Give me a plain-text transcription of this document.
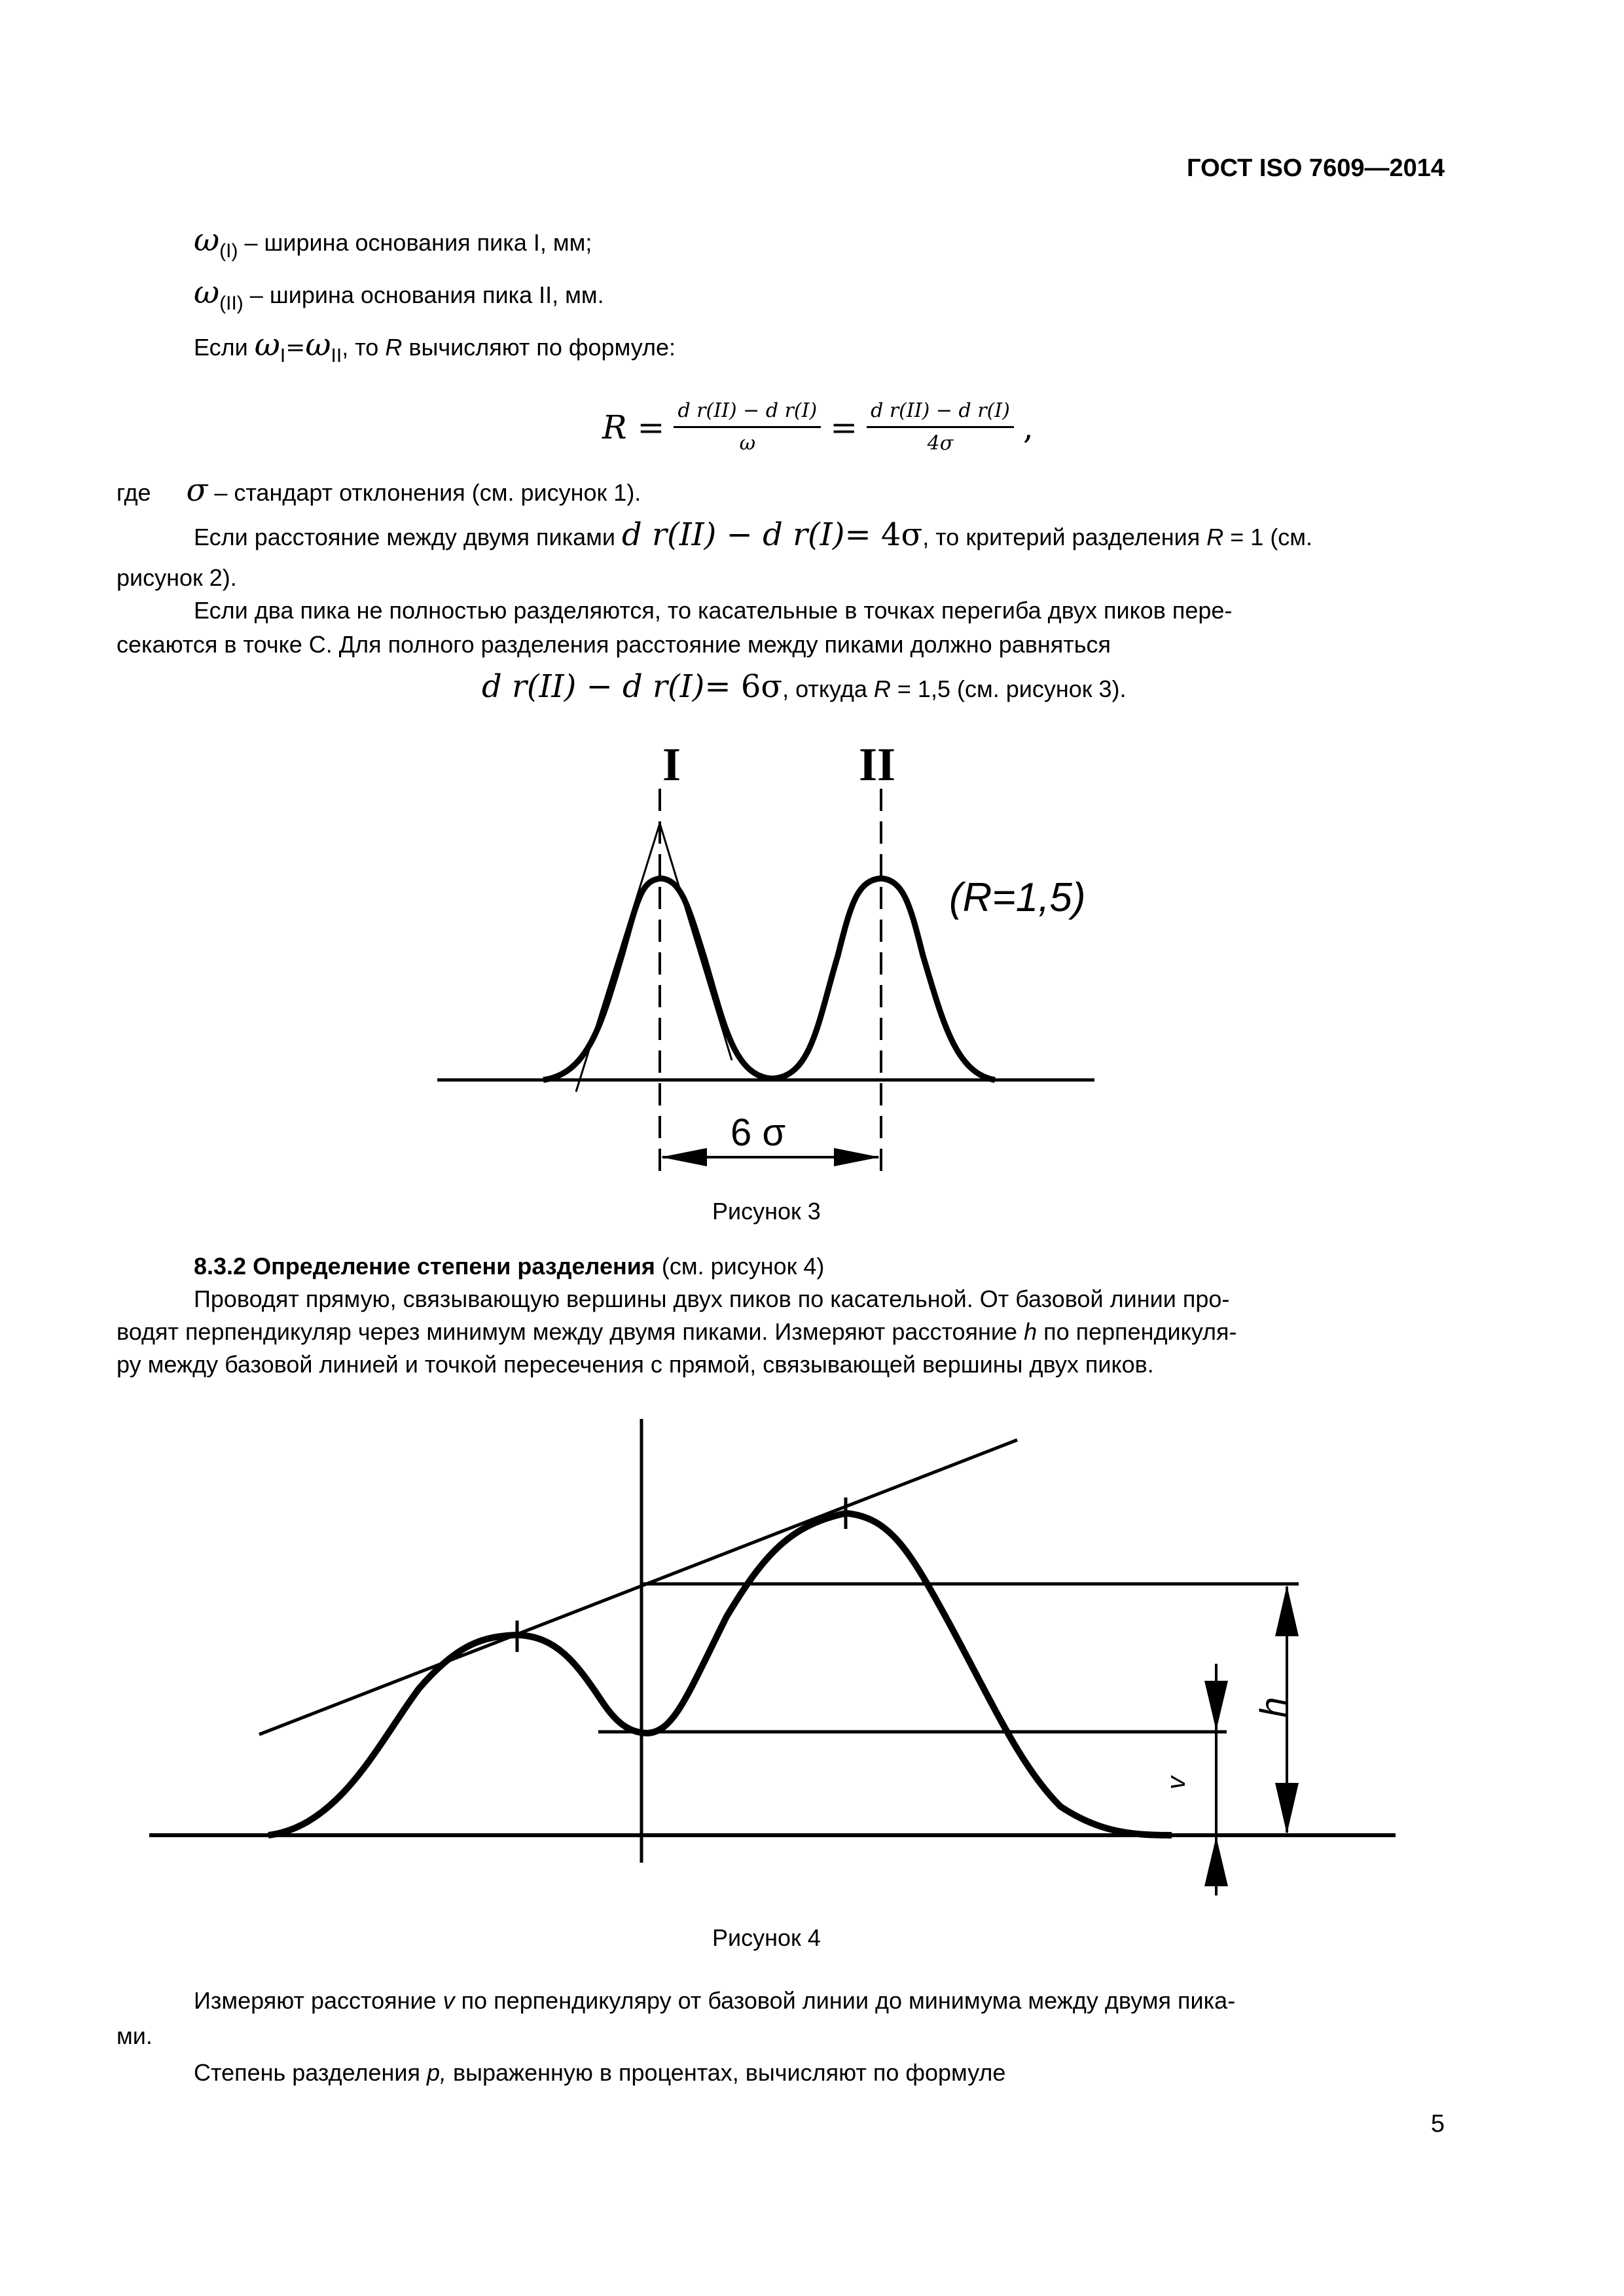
ГОСТ ISO 7609—2014
$\omega_{(I)}$ – ширина основания пика I, мм;
$\omega_{(II)}$ – ширина основания пика II, мм.
Если $\omega_I=\omega_{II}$, то R вычисляют по формуле:
$R = \frac{\text{d r(II) − d r(I)}}{\omega} = \frac{\text{d r(II) − d r(I)}}{4\sigma}$ ,
где σ – стандарт отклонения (см. рисунок 1).
Если расстояние между двумя пиками d r(II) − d r(I)= 4σ, то критерий разделения R = 1 (см.
рисунок 2).
Если два пика не полностью разделяются, то касательные в точках перегиба двух пиков пере-
секаются в точке С. Для полного разделения расстояние между пиками должно равняться
d r(II) − d r(I)= 6σ, откуда R = 1,5 (см. рисунок 3).
I	II
6 σ
(R=1,5)
h
v
Рисунок 3
8.3.2 Определение степени разделения (см. рисунок 4)
Проводят прямую, связывающую вершины двух пиков по касательной. От базовой линии про-
водят перпендикуляр через минимум между двумя пиками. Измеряют расстояние h по перпендикуля-
ру между базовой линией и точкой пересечения с прямой, связывающей вершины двух пиков.
Рисунок 4
Измеряют расстояние v по перпендикуляру от базовой линии до минимума между двумя пика-
ми.
Степень разделения p, выраженную в процентах, вычисляют по формуле
5
